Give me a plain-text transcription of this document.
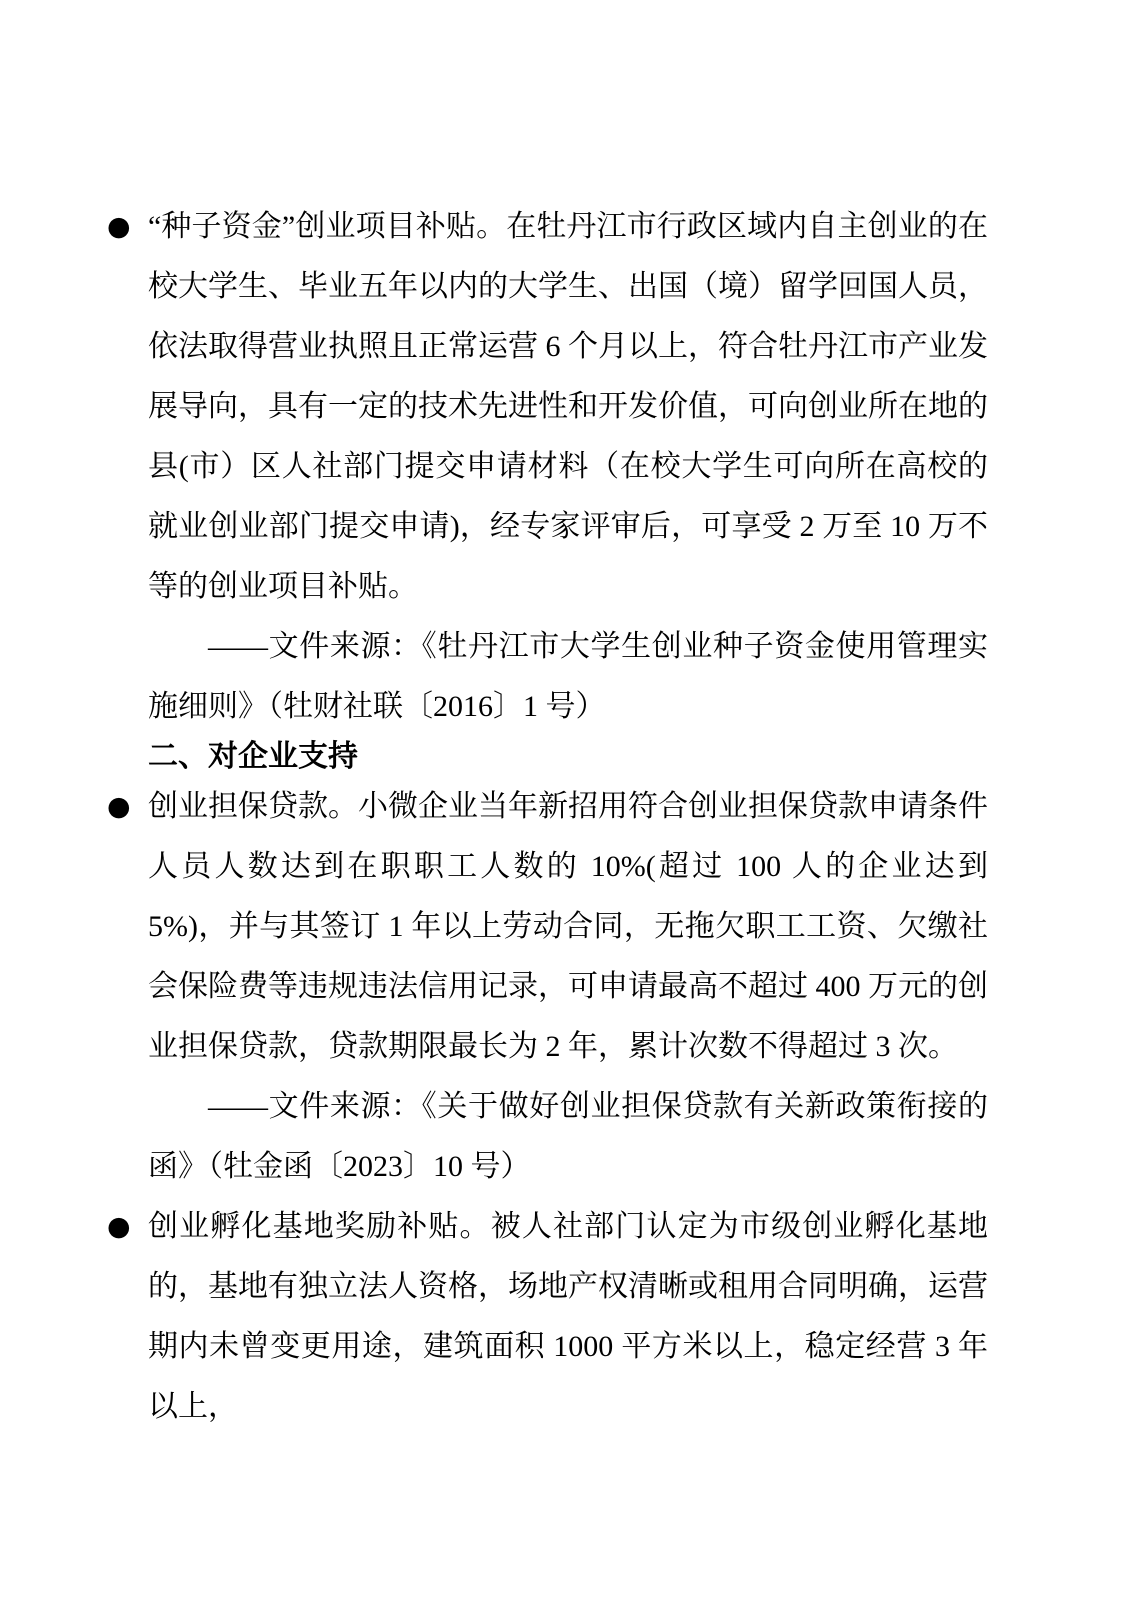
● “种子资金”创业项目补贴。在牡丹江市行政区域内自主创业的在校大学生、毕业五年以内的大学生、出国（境）留学回国人员，依法取得营业执照且正常运营 6 个月以上，符合牡丹江市产业发展导向，具有一定的技术先进性和开发价值，可向创业所在地的县(市）区人社部门提交申请材料（在校大学生可向所在高校的就业创业部门提交申请)，经专家评审后，可享受 2 万至 10 万不等的创业项目补贴。

——文件来源：《牡丹江市大学生创业种子资金使用管理实施细则》（牡财社联〔2016〕1 号）

二、对企业支持

● 创业担保贷款。小微企业当年新招用符合创业担保贷款申请条件人员人数达到在职职工人数的 10%(超过 100 人的企业达到 5%)，并与其签订 1 年以上劳动合同，无拖欠职工工资、欠缴社会保险费等违规违法信用记录，可申请最高不超过 400 万元的创业担保贷款，贷款期限最长为 2 年，累计次数不得超过 3 次。

——文件来源：《关于做好创业担保贷款有关新政策衔接的函》（牡金函〔2023〕10 号）

● 创业孵化基地奖励补贴。被人社部门认定为市级创业孵化基地的，基地有独立法人资格，场地产权清晰或租用合同明确，运营期内未曾变更用途，建筑面积 1000 平方米以上，稳定经营 3 年以上，
